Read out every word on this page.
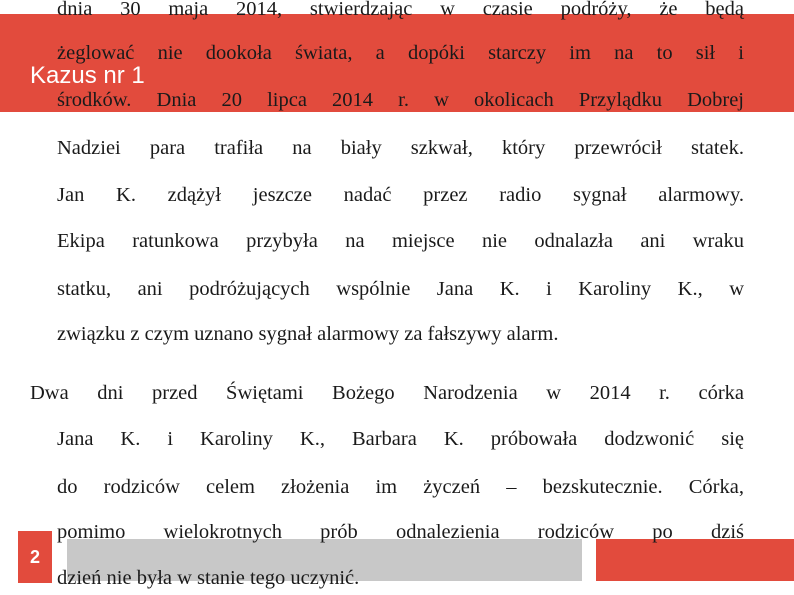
Kazus nr 1
dnia 30 maja 2014, stwierdzając w czasie podróży, że będą
żeglować nie dookoła świata, a dopóki starczy im na to sił i
środków. Dnia 20 lipca 2014 r. w okolicach Przylądku Dobrej
Nadziei para trafiła na biały szkwał, który przewrócił statek.
Jan K. zdążył jeszcze nadać przez radio sygnał alarmowy.
Ekipa ratunkowa przybyła na miejsce nie odnalazła ani wraku
statku, ani podróżujących wspólnie Jana K. i Karoliny K., w
związku z czym uznano sygnał alarmowy za fałszywy alarm.
Dwa dni przed Świętami Bożego Narodzenia w 2014 r. córka
Jana K. i Karoliny K., Barbara K. próbowała dodzwonić się
do rodziców celem złożenia im życzeń – bezskutecznie. Córka,
2
pomimo wielokrotnych prób odnalezienia rodziców po dziś
dzień nie była w stanie tego uczynić.
